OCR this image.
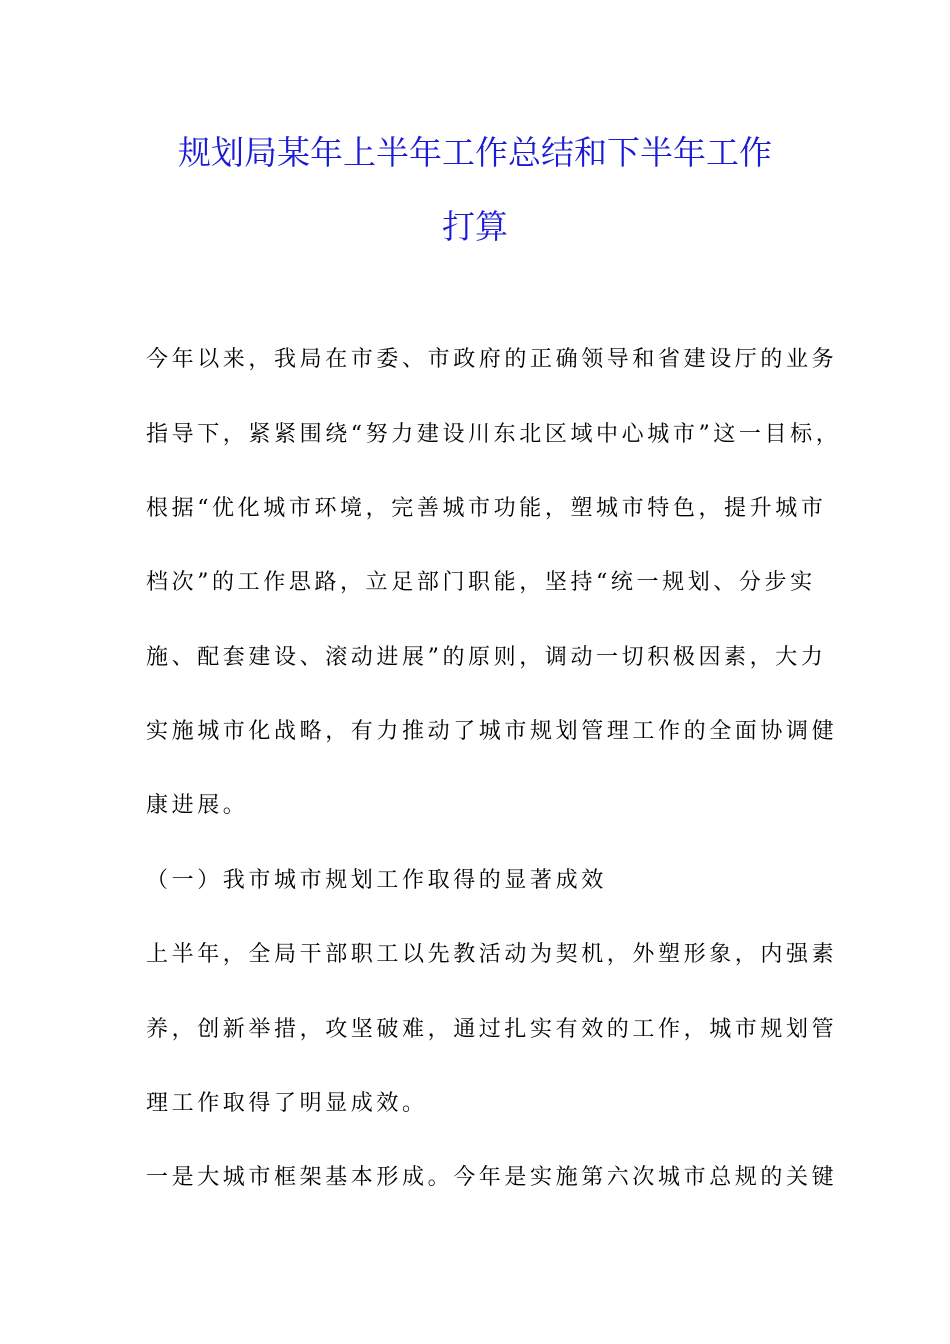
规划局某年上半年工作总结和下半年工作
打算
今年以来，我局在市委、市政府的正确领导和省建设厅的业务
指导下，紧紧围绕“努力建设川东北区域中心城市”这一目标，
根据“优化城市环境，完善城市功能，塑城市特色，提升城市
档次”的工作思路，立足部门职能，坚持“统一规划、分步实
施、配套建设、滚动进展”的原则，调动一切积极因素，大力
实施城市化战略，有力推动了城市规划管理工作的全面协调健
康进展。
（一）我市城市规划工作取得的显著成效
上半年，全局干部职工以先教活动为契机，外塑形象，内强素
养，创新举措，攻坚破难，通过扎实有效的工作，城市规划管
理工作取得了明显成效。
一是大城市框架基本形成。今年是实施第六次城市总规的关键
